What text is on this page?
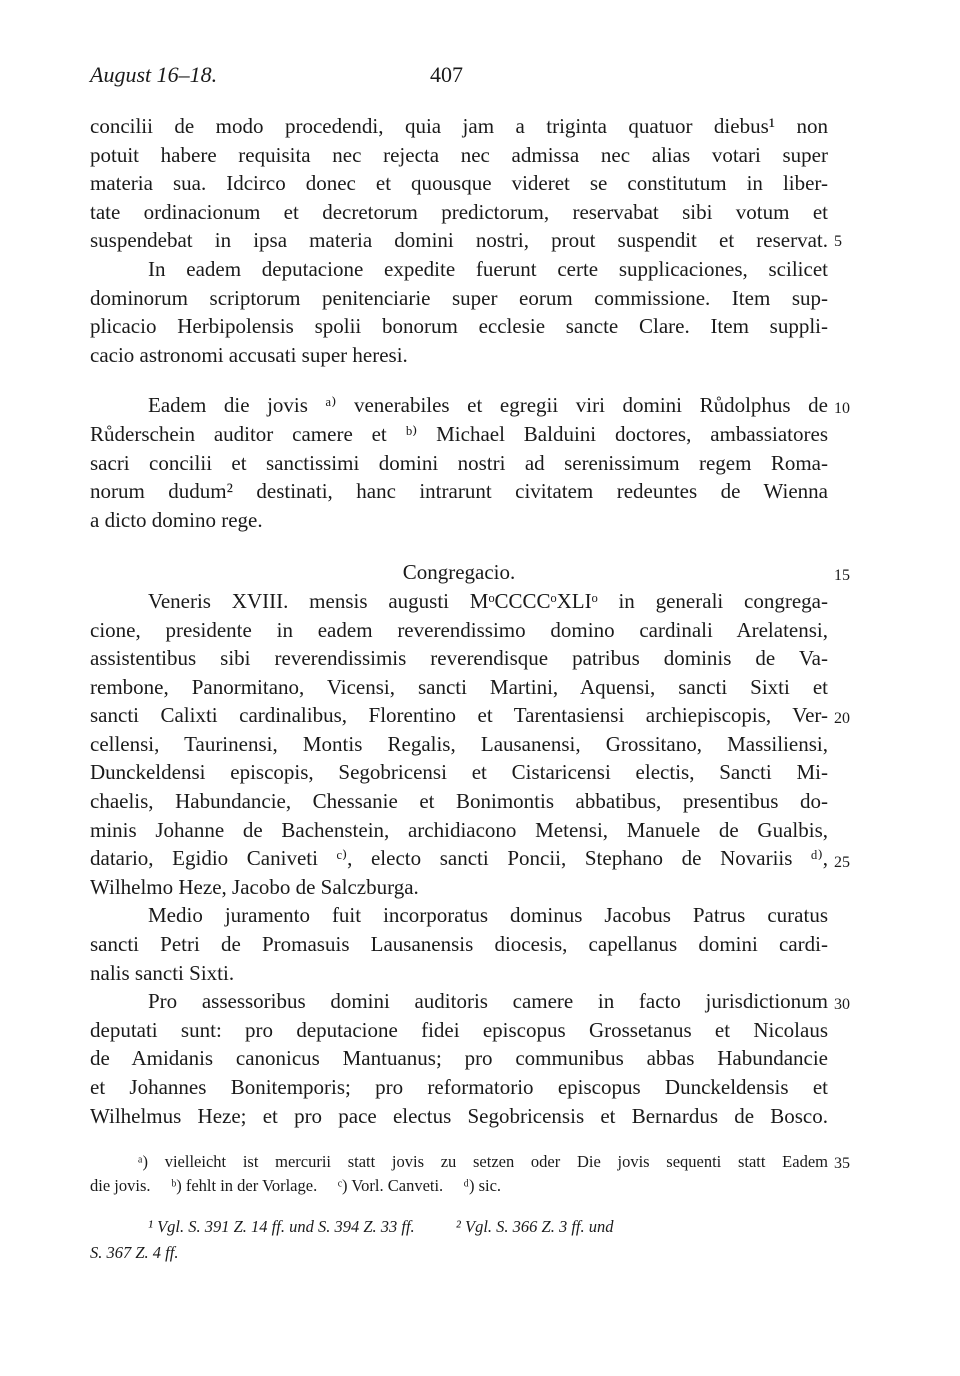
August 16–18.	407
concilii de modo procedendi, quia jam a triginta quatuor diebus¹ non
potuit habere requisita nec rejecta nec admissa nec alias votari super
materia sua. Idcirco donec et quousque videret se constitutum in liber-
tate ordinacionum et decretorum predictorum, reservabat sibi votum et
suspendebat in ipsa materia domini nostri, prout suspendit et reservat. 5
In eadem deputacione expedite fuerunt certe supplicaciones, scilicet
dominorum scriptorum penitenciarie super eorum commissione. Item sup-
plicacio Herbipolensis spolii bonorum ecclesie sancte Clare. Item suppli-
cacio astronomi accusati super heresi.
Eadem die jovis ᵃ⁾ venerabiles et egregii viri domini Růdolphus de
Růderschein auditor camere et ᵇ⁾ Michael Balduini doctores, ambassiatores
sacri concilii et sanctissimi domini nostri ad serenissimum regem Roma-
norum dudum² destinati, hanc intrarunt civitatem redeuntes de Wienna
a dicto domino rege.
10
Congregacio.	15
Veneris XVIII. mensis augusti MᵒCCCCᵒXLIᵒ in generali congrega-
cione, presidente in eadem reverendissimo domino cardinali Arelatensi,
assistentibus sibi reverendissimis reverendisque patribus dominis de Va-
rembone, Panormitano, Vicensi, sancti Martini, Aquensi, sancti Sixti et
sancti Calixti cardinalibus, Florentino et Tarentasiensi archiepiscopis, Ver-
cellensi, Taurinensi, Montis Regalis, Lausanensi, Grossitano, Massiliensi,
Dunckeldensi episcopis, Segobricensi et Cistaricensi electis, Sancti Mi-
chaelis, Habundancie, Chessanie et Bonimontis abbatibus, presentibus do-
minis Johanne de Bachenstein, archidiacono Metensi, Manuele de Gualbis,
datario, Egidio Caniveti ᶜ⁾, electo sancti Poncii, Stephano de Novariis ᵈ⁾,
Wilhelmo Heze, Jacobo de Salczburga.
20
25
Medio juramento fuit incorporatus dominus Jacobus Patrus curatus
sancti Petri de Promasuis Lausanensis diocesis, capellanus domini cardi-
nalis sancti Sixti.
Pro assessoribus domini auditoris camere in facto jurisdictionum
deputati sunt: pro deputacione fidei episcopus Grossetanus et Nicolaus
de Amidanis canonicus Mantuanus; pro communibus abbas Habundancie
et Johannes Bonitemporis; pro reformatorio episcopus Dunckeldensis et
Wilhelmus Heze; et pro pace electus Segobricensis et Bernardus de Bosco.
30
ᵃ) vielleicht ist mercurii statt jovis zu setzen oder Die jovis sequenti statt Eadem
die jovis.     ᵇ) fehlt in der Vorlage.     ᶜ) Vorl. Canveti.     ᵈ) sic.
35
¹ Vgl. S. 391 Z. 14 ff. und S. 394 Z. 33 ff.          ² Vgl. S. 366 Z. 3 ff. und
S. 367 Z. 4 ff.
